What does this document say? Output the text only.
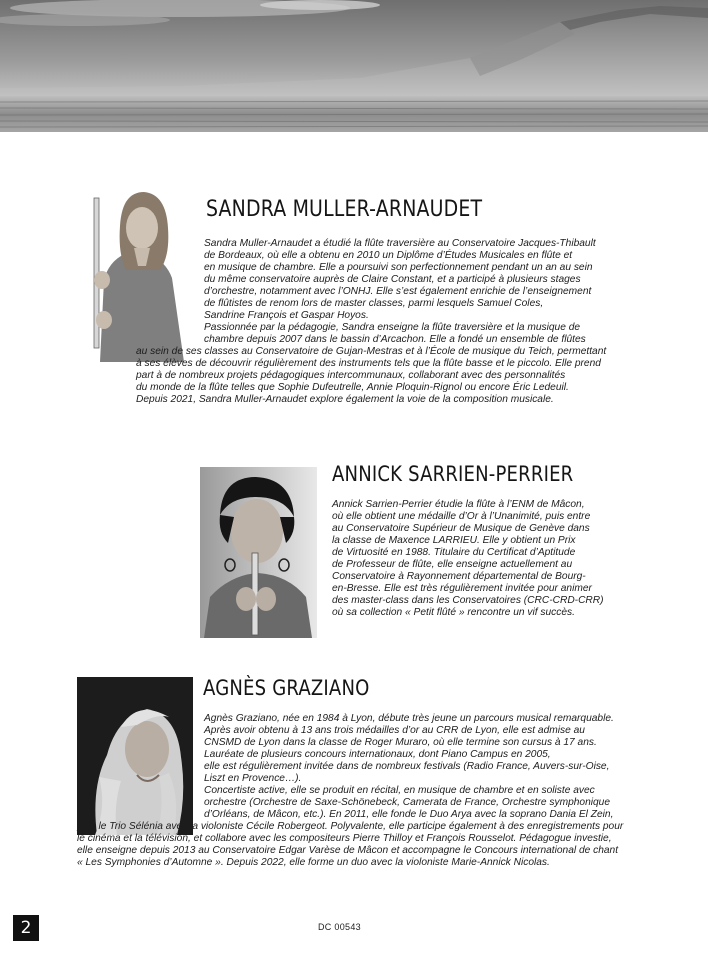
SANDRA MULLER-ARNAUDET

Sandra Muller-Arnaudet a étudié la flûte traversière au Conservatoire Jacques-Thibault
de Bordeaux, où elle a obtenu en 2010 un Diplôme d’Études Musicales en flûte et
en musique de chambre. Elle a poursuivi son perfectionnement pendant un an au sein
du même conservatoire auprès de Claire Constant, et a participé à plusieurs stages
d’orchestre, notamment avec l’ONHJ. Elle s’est également enrichie de l’enseignement
de flûtistes de renom lors de master classes, parmi lesquels Samuel Coles,
Sandrine François et Gaspar Hoyos.
Passionnée par la pédagogie, Sandra enseigne la flûte traversière et la musique de
chambre depuis 2007 dans le bassin d’Arcachon. Elle a fondé un ensemble de flûtes
au sein de ses classes au Conservatoire de Gujan-Mestras et à l’École de musique du Teich, permettant
à ses élèves de découvrir régulièrement des instruments tels que la flûte basse et le piccolo. Elle prend
part à de nombreux projets pédagogiques intercommunaux, collaborant avec des personnalités
du monde de la flûte telles que Sophie Dufeutrelle, Annie Ploquin-Rignol ou encore Éric Ledeuil.
Depuis 2021, Sandra Muller-Arnaudet explore également la voie de la composition musicale.

ANNICK SARRIEN-PERRIER

Annick Sarrien-Perrier étudie la flûte à l’ENM de Mâcon,
où elle obtient une médaille d’Or à l’Unanimité, puis entre
au Conservatoire Supérieur de Musique de Genève dans
la classe de Maxence LARRIEU. Elle y obtient un Prix
de Virtuosité en 1988. Titulaire du Certificat d’Aptitude
de Professeur de flûte, elle enseigne actuellement au
Conservatoire à Rayonnement départemental de Bourg-
en-Bresse. Elle est très régulièrement invitée pour animer
des master-class dans les Conservatoires (CRC-CRD-CRR)
où sa collection « Petit flûté » rencontre un vif succès.

AGNÈS GRAZIANO

Agnès Graziano, née en 1984 à Lyon, débute très jeune un parcours musical remarquable.
Après avoir obtenu à 13 ans trois médailles d’or au CRR de Lyon, elle est admise au
CNSMD de Lyon dans la classe de Roger Muraro, où elle termine son cursus à 17 ans.
Lauréate de plusieurs concours internationaux, dont Piano Campus en 2005,
elle est régulièrement invitée dans de nombreux festivals (Radio France, Auvers-sur-Oise,
Liszt en Provence…).
Concertiste active, elle se produit en récital, en musique de chambre et en soliste avec
orchestre (Orchestre de Saxe-Schönebeck, Camerata de France, Orchestre symphonique
d’Orléans, de Mâcon, etc.). En 2011, elle fonde le Duo Arya avec la soprano Dania El Zein,
puis le Trio Sélénia avec la violoniste Cécile Robergeot. Polyvalente, elle participe également à des enregistrements pour
le cinéma et la télévision, et collabore avec les compositeurs Pierre Thilloy et François Rousselot. Pédagogue investie,
elle enseigne depuis 2013 au Conservatoire Edgar Varèse de Mâcon et accompagne le Concours international de chant
« Les Symphonies d’Automne ». Depuis 2022, elle forme un duo avec la violoniste Marie-Annick Nicolas.

2	DC 00543
